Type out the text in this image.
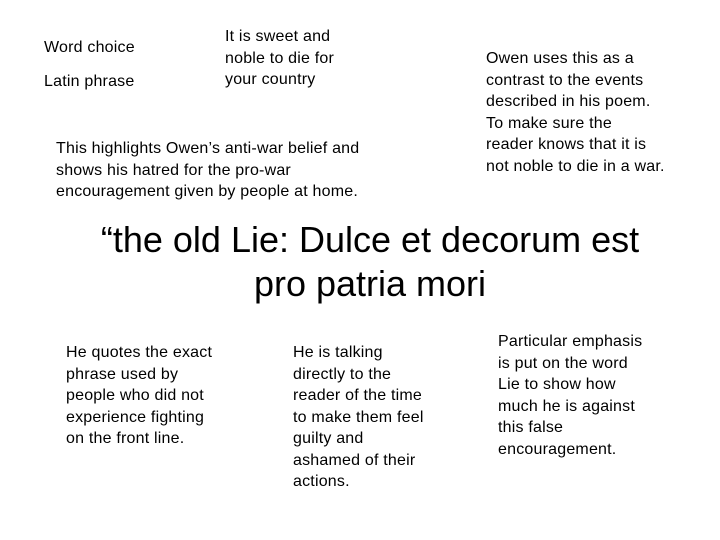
Word choice
Latin phrase
It is sweet and
noble to die for
your country
This highlights Owen’s anti-war belief and
shows his hatred for the pro-war
encouragement given by people at home.
Owen uses this as a
contrast to the events
described in his poem.
To make sure the
reader knows that it is
not noble to die in a war.
“the old Lie: Dulce et decorum est
pro patria mori
He quotes the exact
phrase used by
people who did not
experience fighting
on the front line.
He is talking
directly to the
reader of the time
to make them feel
guilty and
ashamed of their
actions.
Particular emphasis
is put on the word
Lie to show how
much he is against
this false
encouragement.
